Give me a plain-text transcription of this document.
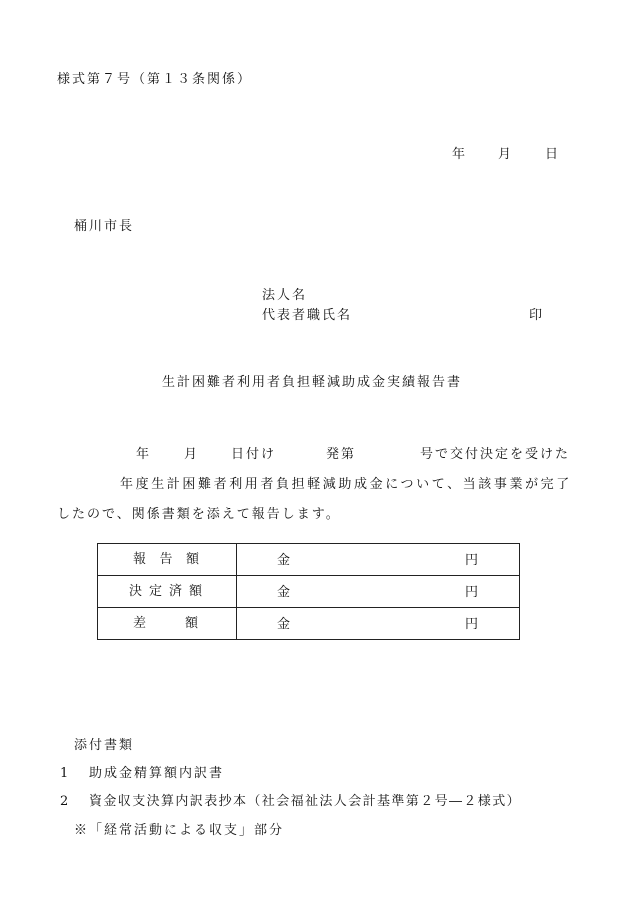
様式第７号（第１３条関係）
年	月	日
桶川市長
法人名
代表者職氏名	印
生計困難者利用者負担軽減助成金実績報告書
年	月	日付け	発第	号で交付決定を受けた
年度生計困難者利用者負担軽減助成金について、当該事業が完了
したので、関係書類を添えて報告します。
報 告 額	金 円

決 定 済 額	金 円

差 額	金 円
添付書類
1 助成金精算額内訳書
2 資金収支決算内訳表抄本（社会福祉法人会計基準第２号―２様式）
※「経常活動による収支」部分
